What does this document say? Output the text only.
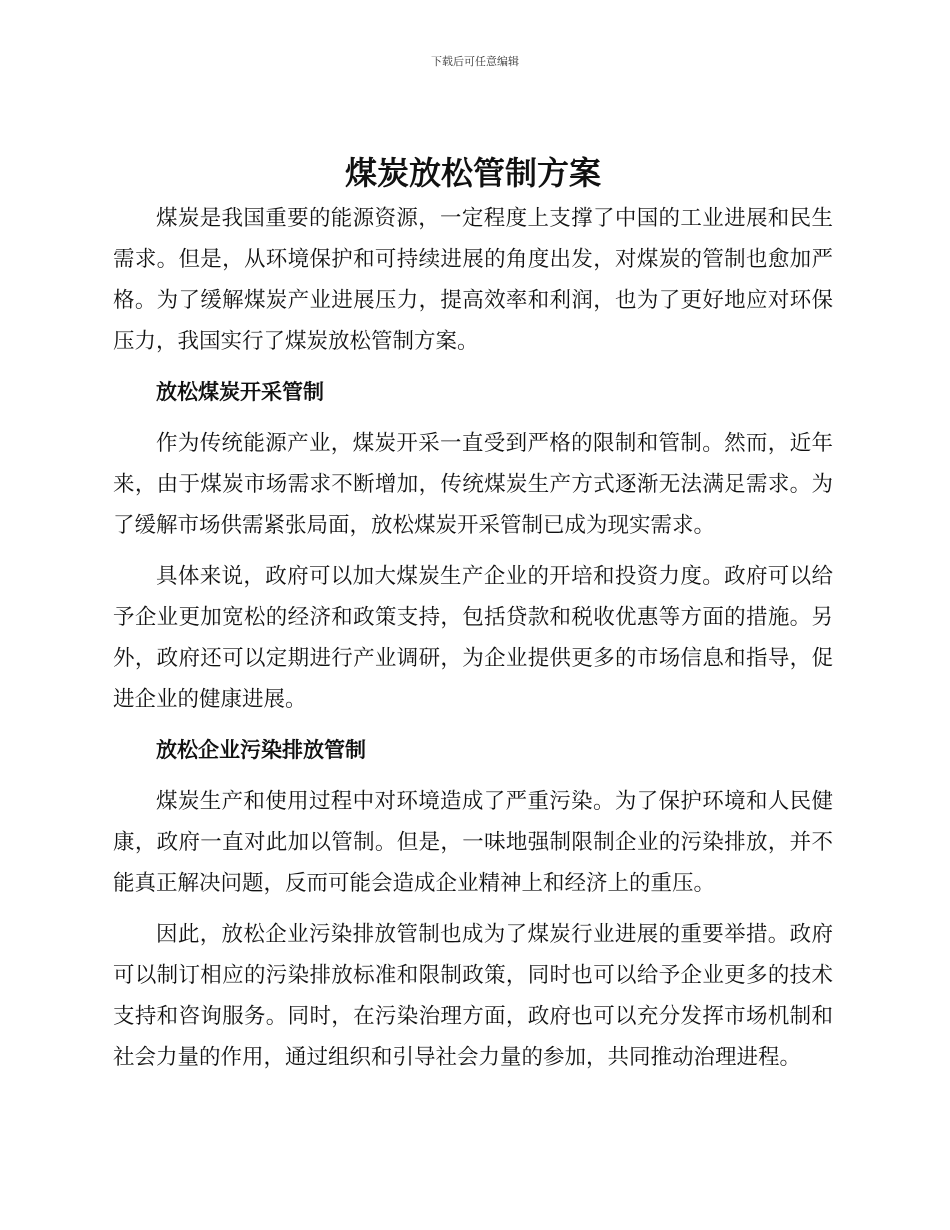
下载后可任意编辑
煤炭放松管制方案

煤炭是我国重要的能源资源，一定程度上支撑了中国的工业进展和民生需求。但是，从环境保护和可持续进展的角度出发，对煤炭的管制也愈加严格。为了缓解煤炭产业进展压力，提高效率和利润，也为了更好地应对环保压力，我国实行了煤炭放松管制方案。

放松煤炭开采管制

作为传统能源产业，煤炭开采一直受到严格的限制和管制。然而，近年来，由于煤炭市场需求不断增加，传统煤炭生产方式逐渐无法满足需求。为了缓解市场供需紧张局面，放松煤炭开采管制已成为现实需求。

具体来说，政府可以加大煤炭生产企业的开培和投资力度。政府可以给予企业更加宽松的经济和政策支持，包括贷款和税收优惠等方面的措施。另外，政府还可以定期进行产业调研，为企业提供更多的市场信息和指导，促进企业的健康进展。

放松企业污染排放管制

煤炭生产和使用过程中对环境造成了严重污染。为了保护环境和人民健康，政府一直对此加以管制。但是，一味地强制限制企业的污染排放，并不能真正解决问题，反而可能会造成企业精神上和经济上的重压。

因此，放松企业污染排放管制也成为了煤炭行业进展的重要举措。政府可以制订相应的污染排放标准和限制政策，同时也可以给予企业更多的技术支持和咨询服务。同时，在污染治理方面，政府也可以充分发挥市场机制和社会力量的作用，通过组织和引导社会力量的参加，共同推动治理进程。
